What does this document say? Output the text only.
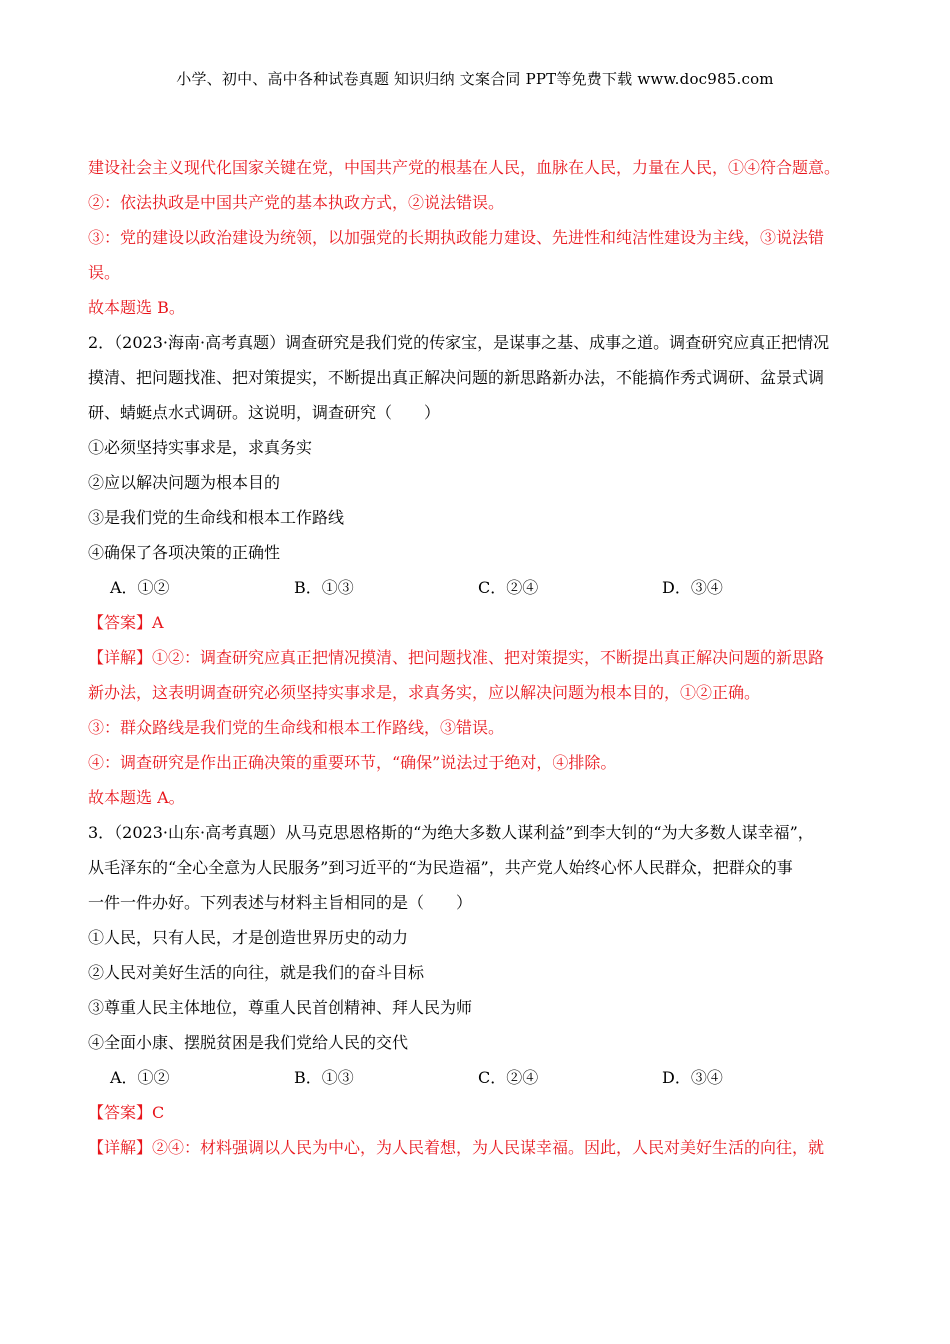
小学、初中、高中各种试卷真题 知识归纳 文案合同 PPT等免费下载 www.doc985.com
建设社会主义现代化国家关键在党，中国共产党的根基在人民，血脉在人民，力量在人民，①④符合题意。
②：依法执政是中国共产党的基本执政方式，②说法错误。
③：党的建设以政治建设为统领，以加强党的长期执政能力建设、先进性和纯洁性建设为主线，③说法错
误。
故本题选 B。
2．（2023·海南·高考真题）调查研究是我们党的传家宝，是谋事之基、成事之道。调查研究应真正把情况
摸清、把问题找准、把对策提实，不断提出真正解决问题的新思路新办法，不能搞作秀式调研、盆景式调
研、蜻蜓点水式调研。这说明，调查研究（　　）
①必须坚持实事求是，求真务实
②应以解决问题为根本目的
③是我们党的生命线和根本工作路线
④确保了各项决策的正确性
A．①②	B．①③	C．②④	D．③④
【答案】A
【详解】①②：调查研究应真正把情况摸清、把问题找准、把对策提实，不断提出真正解决问题的新思路
新办法，这表明调查研究必须坚持实事求是，求真务实，应以解决问题为根本目的，①②正确。
③：群众路线是我们党的生命线和根本工作路线，③错误。
④：调查研究是作出正确决策的重要环节，“确保”说法过于绝对，④排除。
故本题选 A。
3．（2023·山东·高考真题）从马克思恩格斯的“为绝大多数人谋利益”到李大钊的“为大多数人谋幸福”，
从毛泽东的“全心全意为人民服务”到习近平的“为民造福”，共产党人始终心怀人民群众，把群众的事
一件一件办好。下列表述与材料主旨相同的是（　　）
①人民，只有人民，才是创造世界历史的动力
②人民对美好生活的向往，就是我们的奋斗目标
③尊重人民主体地位，尊重人民首创精神、拜人民为师
④全面小康、摆脱贫困是我们党给人民的交代
A．①②	B．①③	C．②④	D．③④
【答案】C
【详解】②④：材料强调以人民为中心，为人民着想，为人民谋幸福。因此，人民对美好生活的向往，就
